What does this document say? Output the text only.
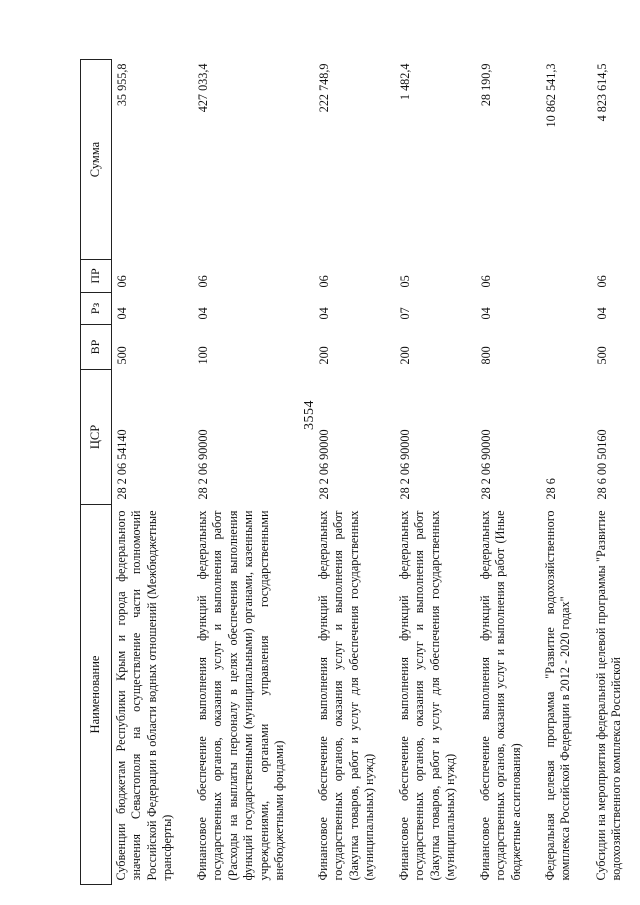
3554
Наименование	ЦСР	ВР	Рз	ПР	Сумма
Субвенции бюджетам Республики Крым и города федерального значения Севастополя на осуществление части полномочий Российской Федерации в области водных отношений (Межбюджетные трансферты)	28 2 06 54140	500	04	06	35 955,8
Финансовое обеспечение выполнения функций федеральных государственных органов, оказания услуг и выполнения работ (Расходы на выплаты персоналу в целях обеспечения выполнения функций государственными (муниципальными) органами, казенными учреждениями, органами управления государственными внебюджетными фондами)	28 2 06 90000	100	04	06	427 033,4
Финансовое обеспечение выполнения функций федеральных государственных органов, оказания услуг и выполнения работ (Закупка товаров, работ и услуг для обеспечения государственных (муниципальных) нужд)	28 2 06 90000	200	04	06	222 748,9
Финансовое обеспечение выполнения функций федеральных государственных органов, оказания услуг и выполнения работ (Закупка товаров, работ и услуг для обеспечения государственных (муниципальных) нужд)	28 2 06 90000	200	07	05	1 482,4
Финансовое обеспечение выполнения функций федеральных государственных органов, оказания услуг и выполнения работ (Иные бюджетные ассигнования)	28 2 06 90000	800	04	06	28 190,9
Федеральная целевая программа "Развитие водохозяйственного комплекса Российской Федерации в 2012 - 2020 годах"	28 6				10 862 541,3
Субсидии на мероприятия федеральной целевой программы "Развитие водохозяйственного комплекса Российской	28 6 00 50160	500	04	06	4 823 614,5
